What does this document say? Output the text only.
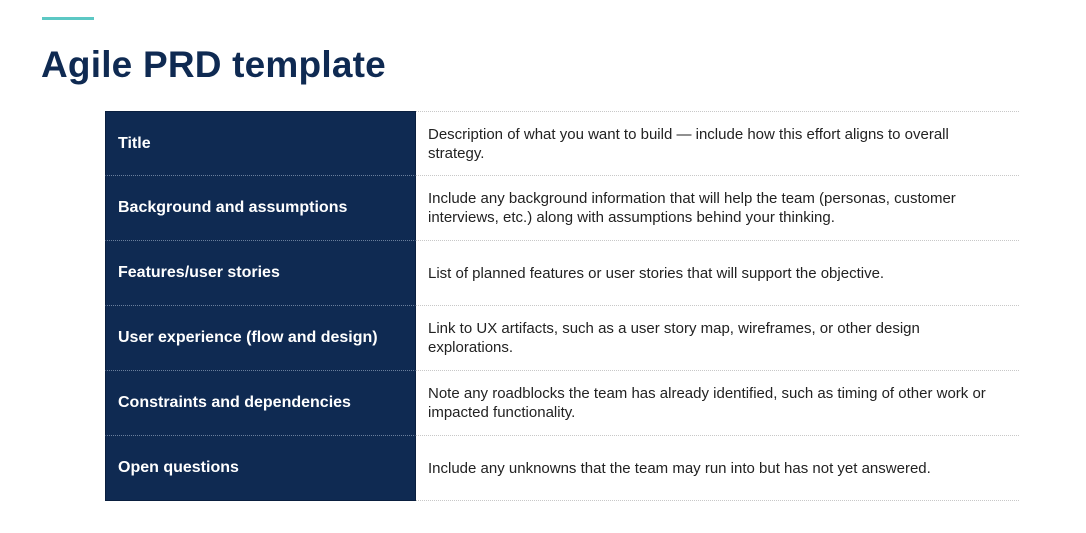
Agile PRD template
Title
Description of what you want to build — include how this effort aligns to overall strategy.
Background and assumptions
Include any background information that will help the team (personas, customer interviews, etc.) along with assumptions behind your thinking.
Features/user stories	List of planned features or user stories that will support the objective.
User experience (flow and design)
Link to UX artifacts, such as a user story map, wireframes, or other design explorations.
Constraints and dependencies
Note any roadblocks the team has already identified, such as timing of other work or impacted functionality.
Open questions	Include any unknowns that the team may run into but has not yet answered.
